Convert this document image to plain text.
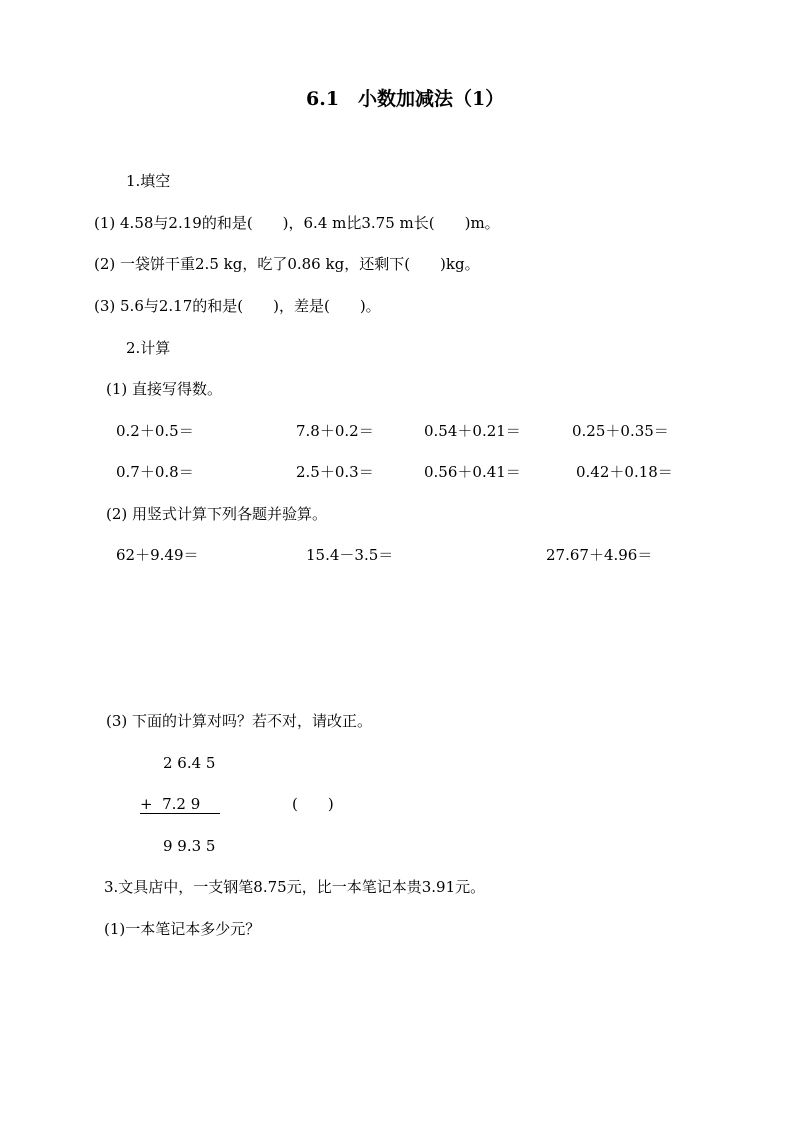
6.1　小数加减法（1）
1.填空
(1) 4.58与2.19的和是(　　)，6.4 m比3.75 m长(　　)m。
(2) 一袋饼干重2.5 kg，吃了0.86 kg，还剩下(　　)kg。
(3) 5.6与2.17的和是(　　)，差是(　　)。
2.计算
(1) 直接写得数。
0.2＋0.5＝	7.8＋0.2＝	0.54＋0.21＝	0.25＋0.35＝
0.7＋0.8＝	2.5＋0.3＝	0.56＋0.41＝	0.42＋0.18＝
(2) 用竖式计算下列各题并验算。
62＋9.49＝	15.4－3.5＝	27.67＋4.96＝
(3) 下面的计算对吗？若不对，请改正。
2 6.4 5
+  7.2 9	(　　)
9 9.3 5
3.文具店中，一支钢笔8.75元，比一本笔记本贵3.91元。
(1)一本笔记本多少元？
